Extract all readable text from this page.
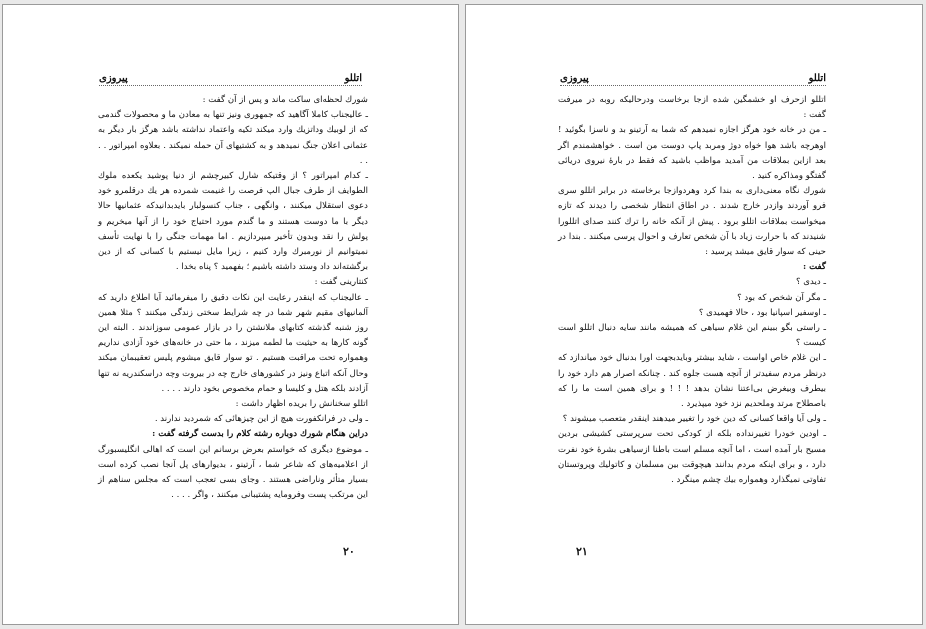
پیروزی	اتللو

شورك لحظه‌ای ساکت ماند و پس از آن گفت :

ـ عالیجناب کاملا آگاهید که جمهوری ونیز تنها به معادن ما و محصولات گندمی که از لوبیك وداتزیك وارد میكند تکیه واعتماد نداشته باشد هرگز بار دیگر به عثمانی اعلان جنگ نمیدهد و به کشتیهای آن حمله نمیکند . بعلاوه امپراتور . . . .

ـ کدام امپراتور ؟ از وقتیکه شارل کبیرچشم از دنیا پوشید یکعده ملوك الطوایف از طرف جبال الپ فرصت را غنیمت شمرده هر یك درقلمرو خود دعوی استقلال میکنند ، وانگهی ، جناب کنسولبار بایدبدانیدکه عثمانیها حالا دیگر با ما دوست هستند و ما گندم مورد احتیاج خود را از آنها میخریم و پولش را نقد وبدون تأخیر میپردازیم . اما مهمات جنگی را با نهایت تأسف نمیتوانیم از نورمبرك وارد کنیم ، زیرا مایل نیستیم با کسانی که از دین برگشته‌اند داد وستد داشته باشیم ؛ بفهمید ؟ پناه بخدا .

کنتارینی گفت :

ـ عالیجناب که اینقدر رعایت این نکات دقیق را میفرمائید آیا اطلاع دارید که آلمانیهای مقیم شهر شما در چه شرایط سختی زندگی میکنند ؟ مثلا همین روز شنبه گذشته کتابهای ملانشتن را در بازار عمومی سوزاندند . البته این گونه کارها به حیثیت ما لطمه میزند ، ما حتی در خانه‌های خود آزادی نداریم وهمواره تحت مراقبت هستیم . تو سوار قایق میشوم پلیس تعقیبمان میکند وحال آنکه اتباع ونیز در کشورهای خارج چه در بیروت وچه دراسکندریه نه تنها آزادند بلکه هتل و کلیسا و حمام مخصوص بخود دارند . . . .

اتللو سخنانش را بریده اظهار داشت :

ـ ولی در فرانکفورت هیچ از این چیزهائی که شمردید ندارند .

دراین هنگام شورك دوباره رشته کلام را بدست گرفته گفت :

ـ موضوع دیگری که خواستم بعرض برسانم این است که اهالی انگلیسبورگ از اعلامیه‌های که شاعر شما ، آرتینو ، بدیوارهای پل آنجا نصب کرده است بسیار متأثر وناراضی هستند . وجای بسی تعجب است که مجلس سناهم از این مرتکب پست وفرومایه پشتیبانی میکنند ، واگر . . . .

۲۰
پیروزی	اتللو

اتللو ازحرف او خشمگین شده ازجا برخاست ودرحالیکه روبه در میرفت گفت :

ـ من در خانه خود هرگز اجازه نمیدهم که شما به آرتینو بد و ناسزا بگوئید ! اوهرچه باشد هوا خواه دوژ ومربد پاپ دوست من است . خواهشمندم اگر بعد ازاین بملاقات من آمدید مواظب باشید که فقط در بارهٔ نیروی دریائی گفتگو ومذاکره کنید .

شورك نگاه معنی‌داری به بندا کرد وهردوازجا برخاسته در برابر اتللو سری فرو آوردند وازدر خارج شدند . در اطاق انتظار شخصی را دیدند که تازه میخواست بملاقات اتللو برود . پیش از آنکه خانه را ترك کنند صدای اتللورا شنیدند که با حرارت زیاد با آن شخص تعارف و احوال پرسی میکنند . بندا در حینی که سوار قایق میشد پرسید :

گفت :

ـ دیدی ؟

ـ مگر آن شخص که بود ؟

ـ اوسفیر اسپانیا بود ، حالا فهمیدی ؟

ـ راستی بگو ببینم این غلام سیاهی که همیشه مانند سایه دنبال اتللو است کیست ؟

ـ این غلام خاص اواست ، شاید بیشتر وبایدبجهت اورا بدنبال خود میاندازد که درنظر مردم سفیدتر از آنچه هست جلوه کند . چنانکه اصرار هم دارد خود را بیطرف وبیغرض بی‌اعتنا نشان بدهد ! ! ! و برای همین است ما را که باصطلاح مرتد وملحدیم نزد خود میپذیرد .

ـ ولی آیا واقعا کسانی که دین خود را تغییر میدهند اینقدر متعصب میشوند ؟

ـ اودین خودرا تغییرنداده بلکه از کودکی تحت سرپرستی کشیشی بردین مسیح بار آمده است ، اما آنچه مسلم است باطنا ازسیاهی بشرهٔ خود نفرت دارد ، و برای اینکه مردم بدانند هیچوقت بین مسلمان و کاتولیك وپروتستان تفاوتی نمیگذارد وهمواره بیك چشم مینگرد .

۲۱
